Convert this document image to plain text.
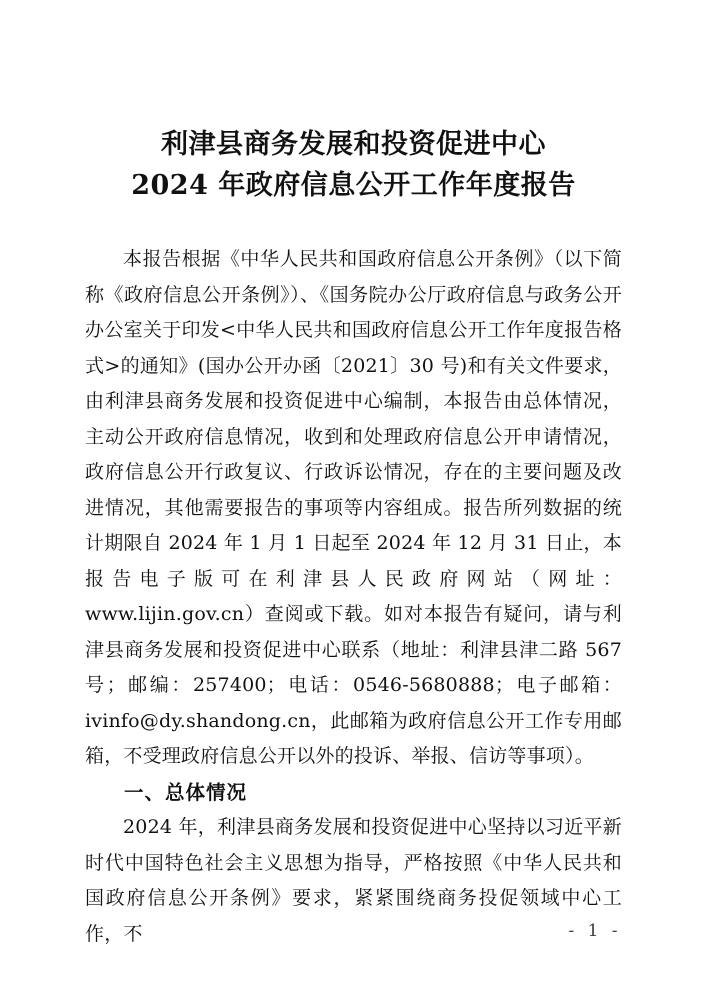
利津县商务发展和投资促进中心
2024 年政府信息公开工作年度报告

本报告根据《中华人民共和国政府信息公开条例》（以下简称《政府信息公开条例》）、《国务院办公厅政府信息与政务公开办公室关于印发<中华人民共和国政府信息公开工作年度报告格式>的通知》(国办公开办函〔2021〕30 号)和有关文件要求，由利津县商务发展和投资促进中心编制，本报告由总体情况，主动公开政府信息情况，收到和处理政府信息公开申请情况，政府信息公开行政复议、行政诉讼情况，存在的主要问题及改进情况，其他需要报告的事项等内容组成。报告所列数据的统计期限自 2024 年 1 月 1 日起至 2024 年 12 月 31 日止，本报告电子版可在利津县人民政府网站（网址：www.lijin.gov.cn）查阅或下载。如对本报告有疑问，请与利津县商务发展和投资促进中心联系（地址：利津县津二路 567 号；邮编：257400；电话：0546-5680888；电子邮箱：ivinfo@dy.shandong.cn，此邮箱为政府信息公开工作专用邮箱，不受理政府信息公开以外的投诉、举报、信访等事项）。

一、总体情况

2024 年，利津县商务发展和投资促进中心坚持以习近平新时代中国特色社会主义思想为指导，严格按照《中华人民共和国政府信息公开条例》要求，紧紧围绕商务投促领域中心工作，不	- 1 -
